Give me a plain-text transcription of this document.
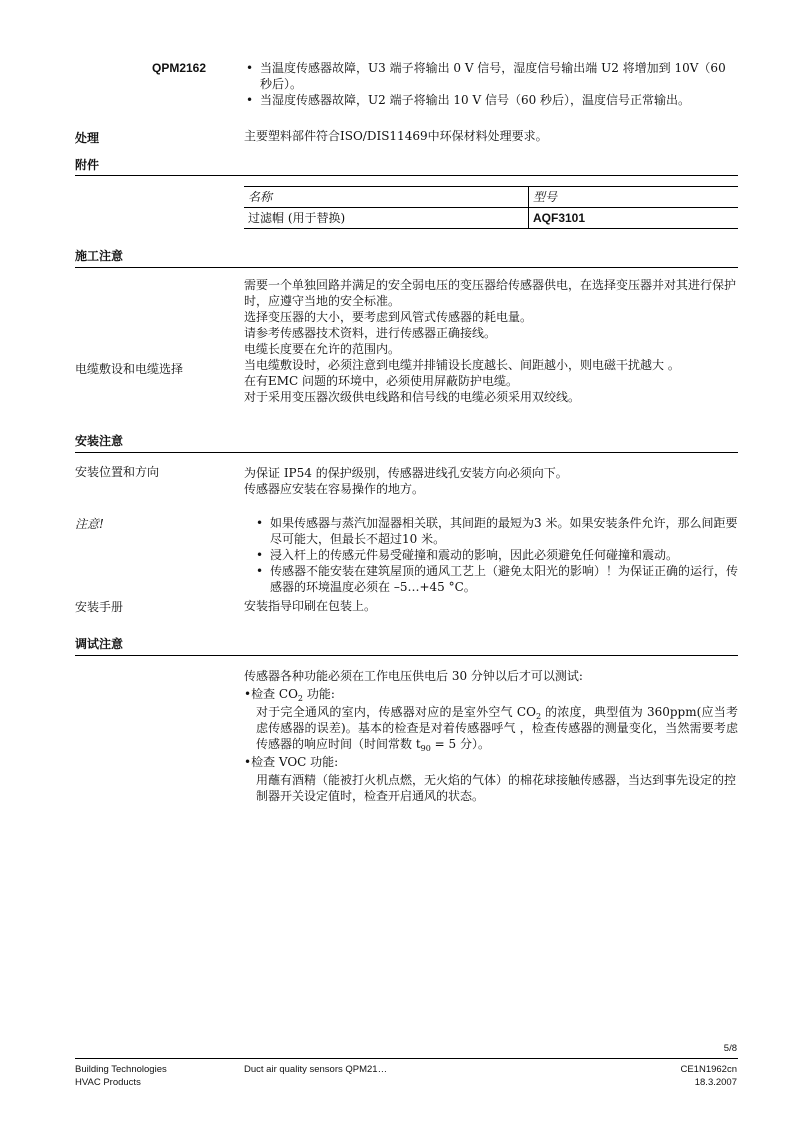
QPM2162	• 当温度传感器故障，U3 端子将输出 0 V 信号，湿度信号输出端 U2 将增加到 10V（60 秒后）。
• 当湿度传感器故障，U2 端子将输出 10 V 信号（60 秒后），温度信号正常输出。
处理	主要塑料部件符合ISO/DIS11469中环保材料处理要求。
附件
名称	型号
过滤帽 (用于替换)	AQF3101
施工注意

需要一个单独回路并满足的安全弱电压的变压器给传感器供电，在选择变压器并对其进行保护时，应遵守当地的安全标准。

选择变压器的大小，要考虑到风管式传感器的耗电量。

请参考传感器技术资料，进行传感器正确接线。

电缆长度要在允许的范围内。

当电缆敷设时，必须注意到电缆并排铺设长度越长、间距越小，则电磁干扰越大 。

在有EMC 问题的环境中，必须使用屏蔽防护电缆。

对于采用变压器次级供电线路和信号线的电缆必须采用双绞线。

电缆敷设和电缆选择
安装注意
安装位置和方向	为保证 IP54 的保护级别，传感器进线孔安装方向必须向下。

传感器应安装在容易操作的地方。

注意!	• 如果传感器与蒸汽加湿器相关联，其间距的最短为3 米。如果安装条件允许，那么间距要尽可能大，但最长不超过10 米。
• 浸入杆上的传感元件易受碰撞和震动的影响，因此必须避免任何碰撞和震动。
• 传感器不能安装在建筑屋顶的通风工艺上（避免太阳光的影响）！为保证正确的运行，传感器的环境温度必须在 –5…+45 °C。
安装手册	安装指导印刷在包装上。
调试注意

传感器各种功能必须在工作电压供电后 30 分钟以后才可以测试:

•检查 $CO_2$ 功能:

对于完全通风的室内，传感器对应的是室外空气 $CO_2$ 的浓度，典型值为 360ppm(应当考虑传感器的误差)。基本的检查是对着传感器呼气 ，检查传感器的测量变化，当然需要考虑传感器的响应时间（时间常数 $t_{90} = 5$ 分）。

•检查 VOC 功能:

用蘸有酒精（能被打火机点燃，无火焰的气体）的棉花球接触传感器，当达到事先设定的控制器开关设定值时，检查开启通风的状态。

5/8
Building Technologies
HVAC Products
Duct air quality sensors QPM21…	CE1N1962cn
18.3.2007
